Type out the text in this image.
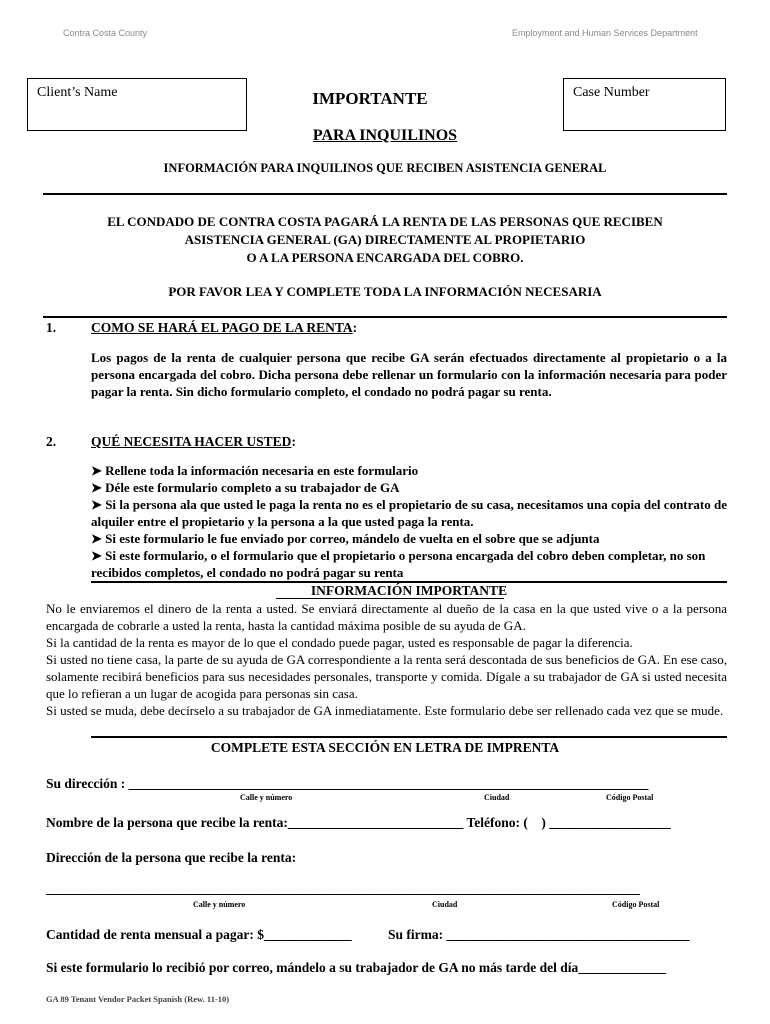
Contra Costa County	Employment and Human Services Department
Client’s Name	Case Number
IMPORTANTE
PARA INQUILINOS
INFORMACIÓN PARA INQUILINOS QUE RECIBEN ASISTENCIA GENERAL
EL CONDADO DE CONTRA COSTA PAGARÁ LA RENTA DE LAS PERSONAS QUE RECIBEN
ASISTENCIA GENERAL (GA) DIRECTAMENTE AL PROPIETARIO
O A LA PERSONA ENCARGADA DEL COBRO.
POR FAVOR LEA Y COMPLETE TODA LA INFORMACIÓN NECESARIA
1.	COMO SE HARÁ EL PAGO DE LA RENTA:
Los pagos de la renta de cualquier persona que recibe GA serán efectuados directamente al propietario o a la persona encargada del cobro. Dicha persona debe rellenar un formulario con la información necesaria para poder pagar la renta. Sin dicho formulario completo, el condado no podrá pagar su renta.
2.	QUÉ NECESITA HACER USTED:
➤ Rellene toda la información necesaria en este formulario
➤ Déle este formulario completo a su trabajador de GA
➤ Si la persona ala que usted le paga la renta no es el propietario de su casa, necesitamos una copia del contrato de alquiler entre el propietario y la persona a la que usted paga la renta.
➤ Si este formulario le fue enviado por correo, mándelo de vuelta en el sobre que se adjunta
➤ Si este formulario, o el formulario que el propietario o persona encargada del cobro deben completar, no son recibidos completos, el condado no podrá pagar su renta
INFORMACIÓN IMPORTANTE
No le enviaremos el dinero de la renta a usted. Se enviará directamente al dueño de la casa en la que usted vive o a la persona encargada de cobrarle a usted la renta, hasta la cantidad máxima posible de su ayuda de GA.
Si la cantidad de la renta es mayor de lo que el condado puede pagar, usted es responsable de pagar la diferencia.
Si usted no tiene casa, la parte de su ayuda de GA correspondiente a la renta será descontada de sus beneficios de GA. En ese caso, solamente recibirá beneficios para sus necesidades personales, transporte y comida. Dígale a su trabajador de GA si usted necesita que lo refieran a un lugar de acogida para personas sin casa.
Si usted se muda, debe decírselo a su trabajador de GA inmediatamente. Este formulario debe ser rellenado cada vez que se mude.
COMPLETE ESTA SECCIÓN EN LETRA DE IMPRENTA
Su dirección : _____________________________________________________________________________
Calle y número	Ciudad	Código Postal
Nombre de la persona que recibe la renta:__________________________ Teléfono: ( ) __________________
Dirección de la persona que recibe la renta:
________________________________________________________________________________________
Calle y número	Ciudad	Código Postal
Cantidad de renta mensual a pagar: $_____________	Su firma: ____________________________________
Si este formulario lo recibió por correo, mándelo a su trabajador de GA no más tarde del día_____________
GA 89 Tenant Vendor Packet Spanish (Rew. 11-10)
